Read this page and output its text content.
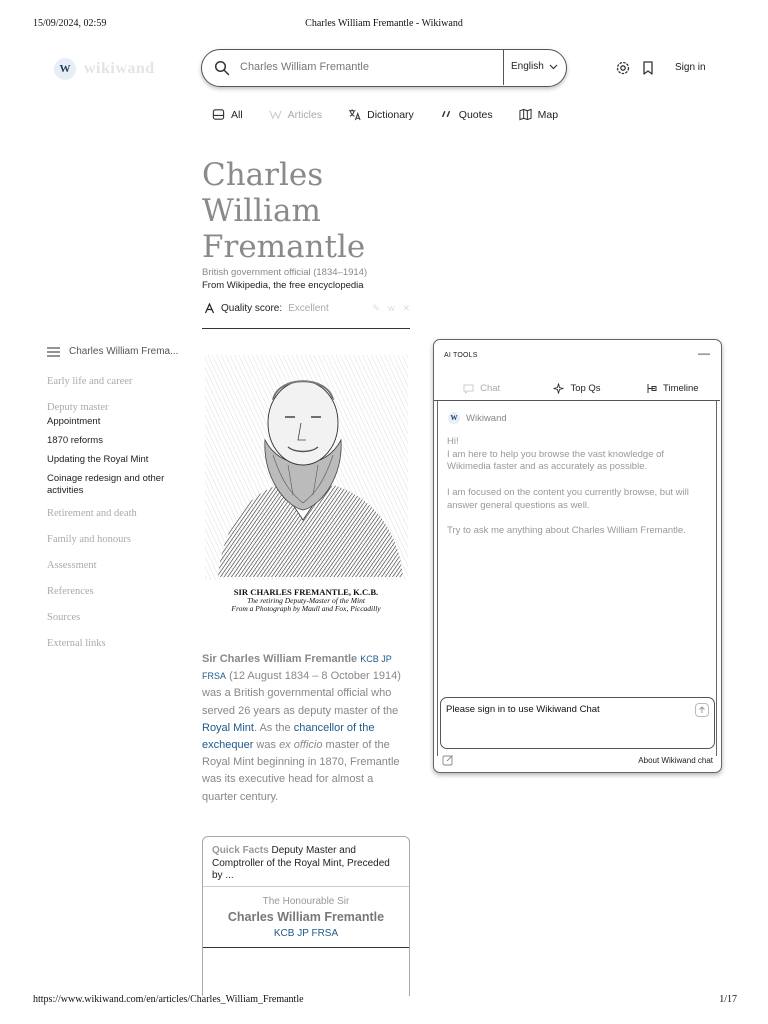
15/09/2024, 02:59	Charles William Fremantle - Wikiwand
https://www.wikiwand.com/en/articles/Charles_William_Fremantle	1/17
W wikiwand	Charles William Fremantle	English	Sign in
All	Articles	Dictionary	Quotes	Map
Charles
William
Fremantle
British government official (1834–1914)
From Wikipedia, the free encyclopedia
Quality score: Excellent	✎ w ✕
Charles William Frema...
Early life and career
Deputy master
Appointment
1870 reforms
Updating the Royal Mint
Coinage redesign and other activities
Retirement and death
Family and honours
Assessment
References
Sources
External links
SIR CHARLES FREMANTLE, K.C.B.
The retiring Deputy-Master of the Mint
From a Photograph by Maull and Fox, Piccadilly
Sir Charles William Fremantle KCB JP FRSA (12 August 1834 – 8 October 1914) was a British governmental official who served 26 years as deputy master of the Royal Mint. As the chancellor of the exchequer was ex officio master of the Royal Mint beginning in 1870, Fremantle was its executive head for almost a quarter century.
Quick Facts Deputy Master and Comptroller of the Royal Mint, Preceded by ...
The Honourable Sir
Charles William Fremantle
KCB JP FRSA
AI TOOLS	—
Chat	Top Qs	Timeline
W Wikiwand
Hi!
I am here to help you browse the vast knowledge of Wikimedia faster and as accurately as possible.
I am focused on the content you currently browse, but will answer general questions as well.
Try to ask me anything about Charles William Fremantle.
Please sign in to use Wikiwand Chat
About Wikiwand chat
